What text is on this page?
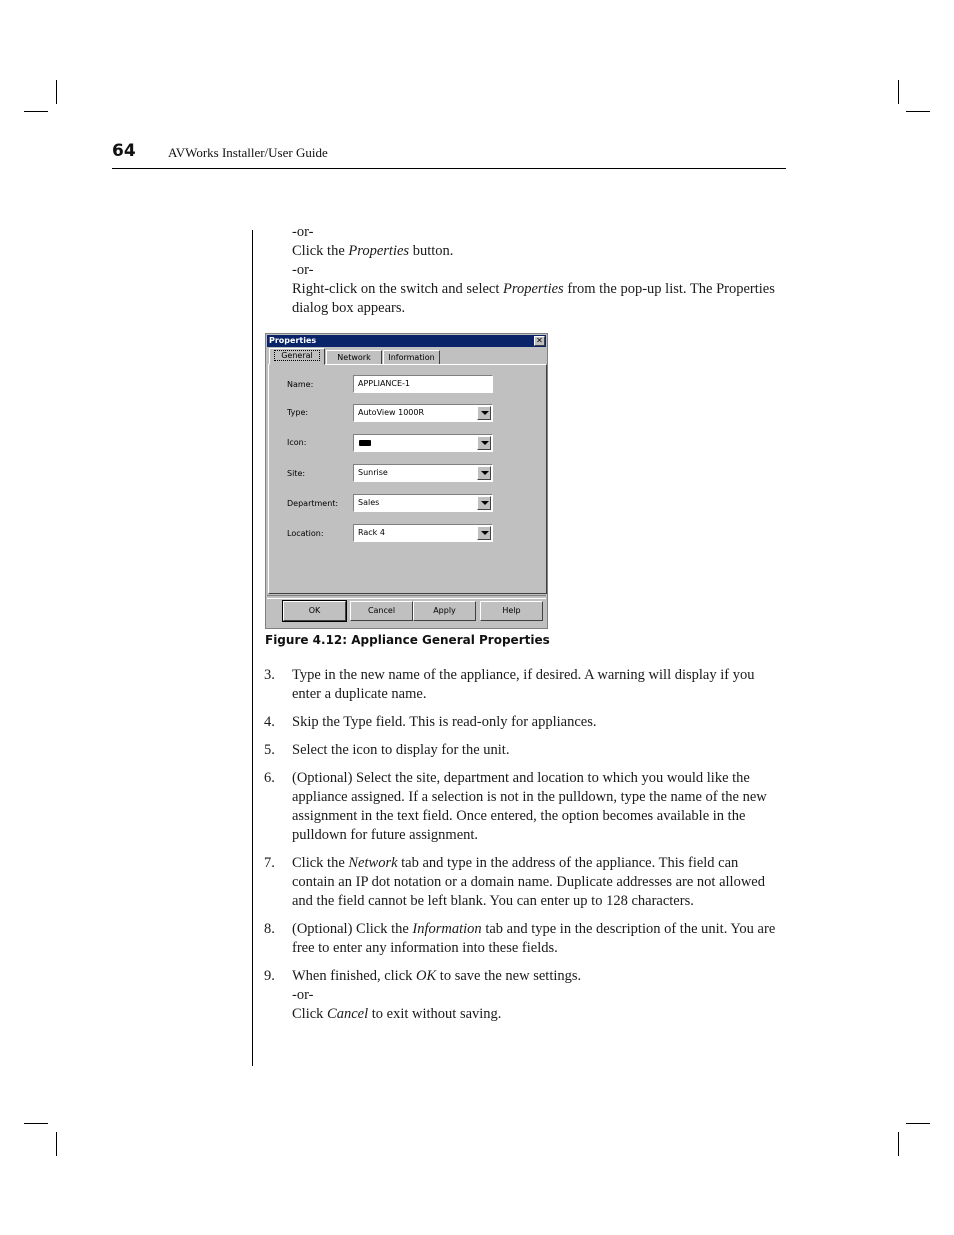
64 AVWorks Installer/User Guide

-or-

Click the Properties button.

-or-

Right-click on the switch and select Properties from the pop-up list. The Properties dialog box appears.

Properties	✕
General	Network	Information
Name:	APPLIANCE-1
Type:	AutoView 1000R
Icon:
Site:	Sunrise
Department:	Sales
Location:	Rack 4
OK	Cancel	Apply	Help
Figure 4.12: Appliance General Properties
3. Type in the new name of the appliance, if desired. A warning will display if you enter a duplicate name.

4. Skip the Type field. This is read-only for appliances.

5. Select the icon to display for the unit.

6. (Optional) Select the site, department and location to which you would like the appliance assigned. If a selection is not in the pulldown, type the name of the new assignment in the text field. Once entered, the option becomes available in the pulldown for future assignment.

7. Click the Network tab and type in the address of the appliance. This field can contain an IP dot notation or a domain name. Duplicate addresses are not allowed and the field cannot be left blank. You can enter up to 128 characters.

8. (Optional) Click the Information tab and type in the description of the unit. You are free to enter any information into these fields.

9. When finished, click OK to save the new settings.

-or-

Click Cancel to exit without saving.
